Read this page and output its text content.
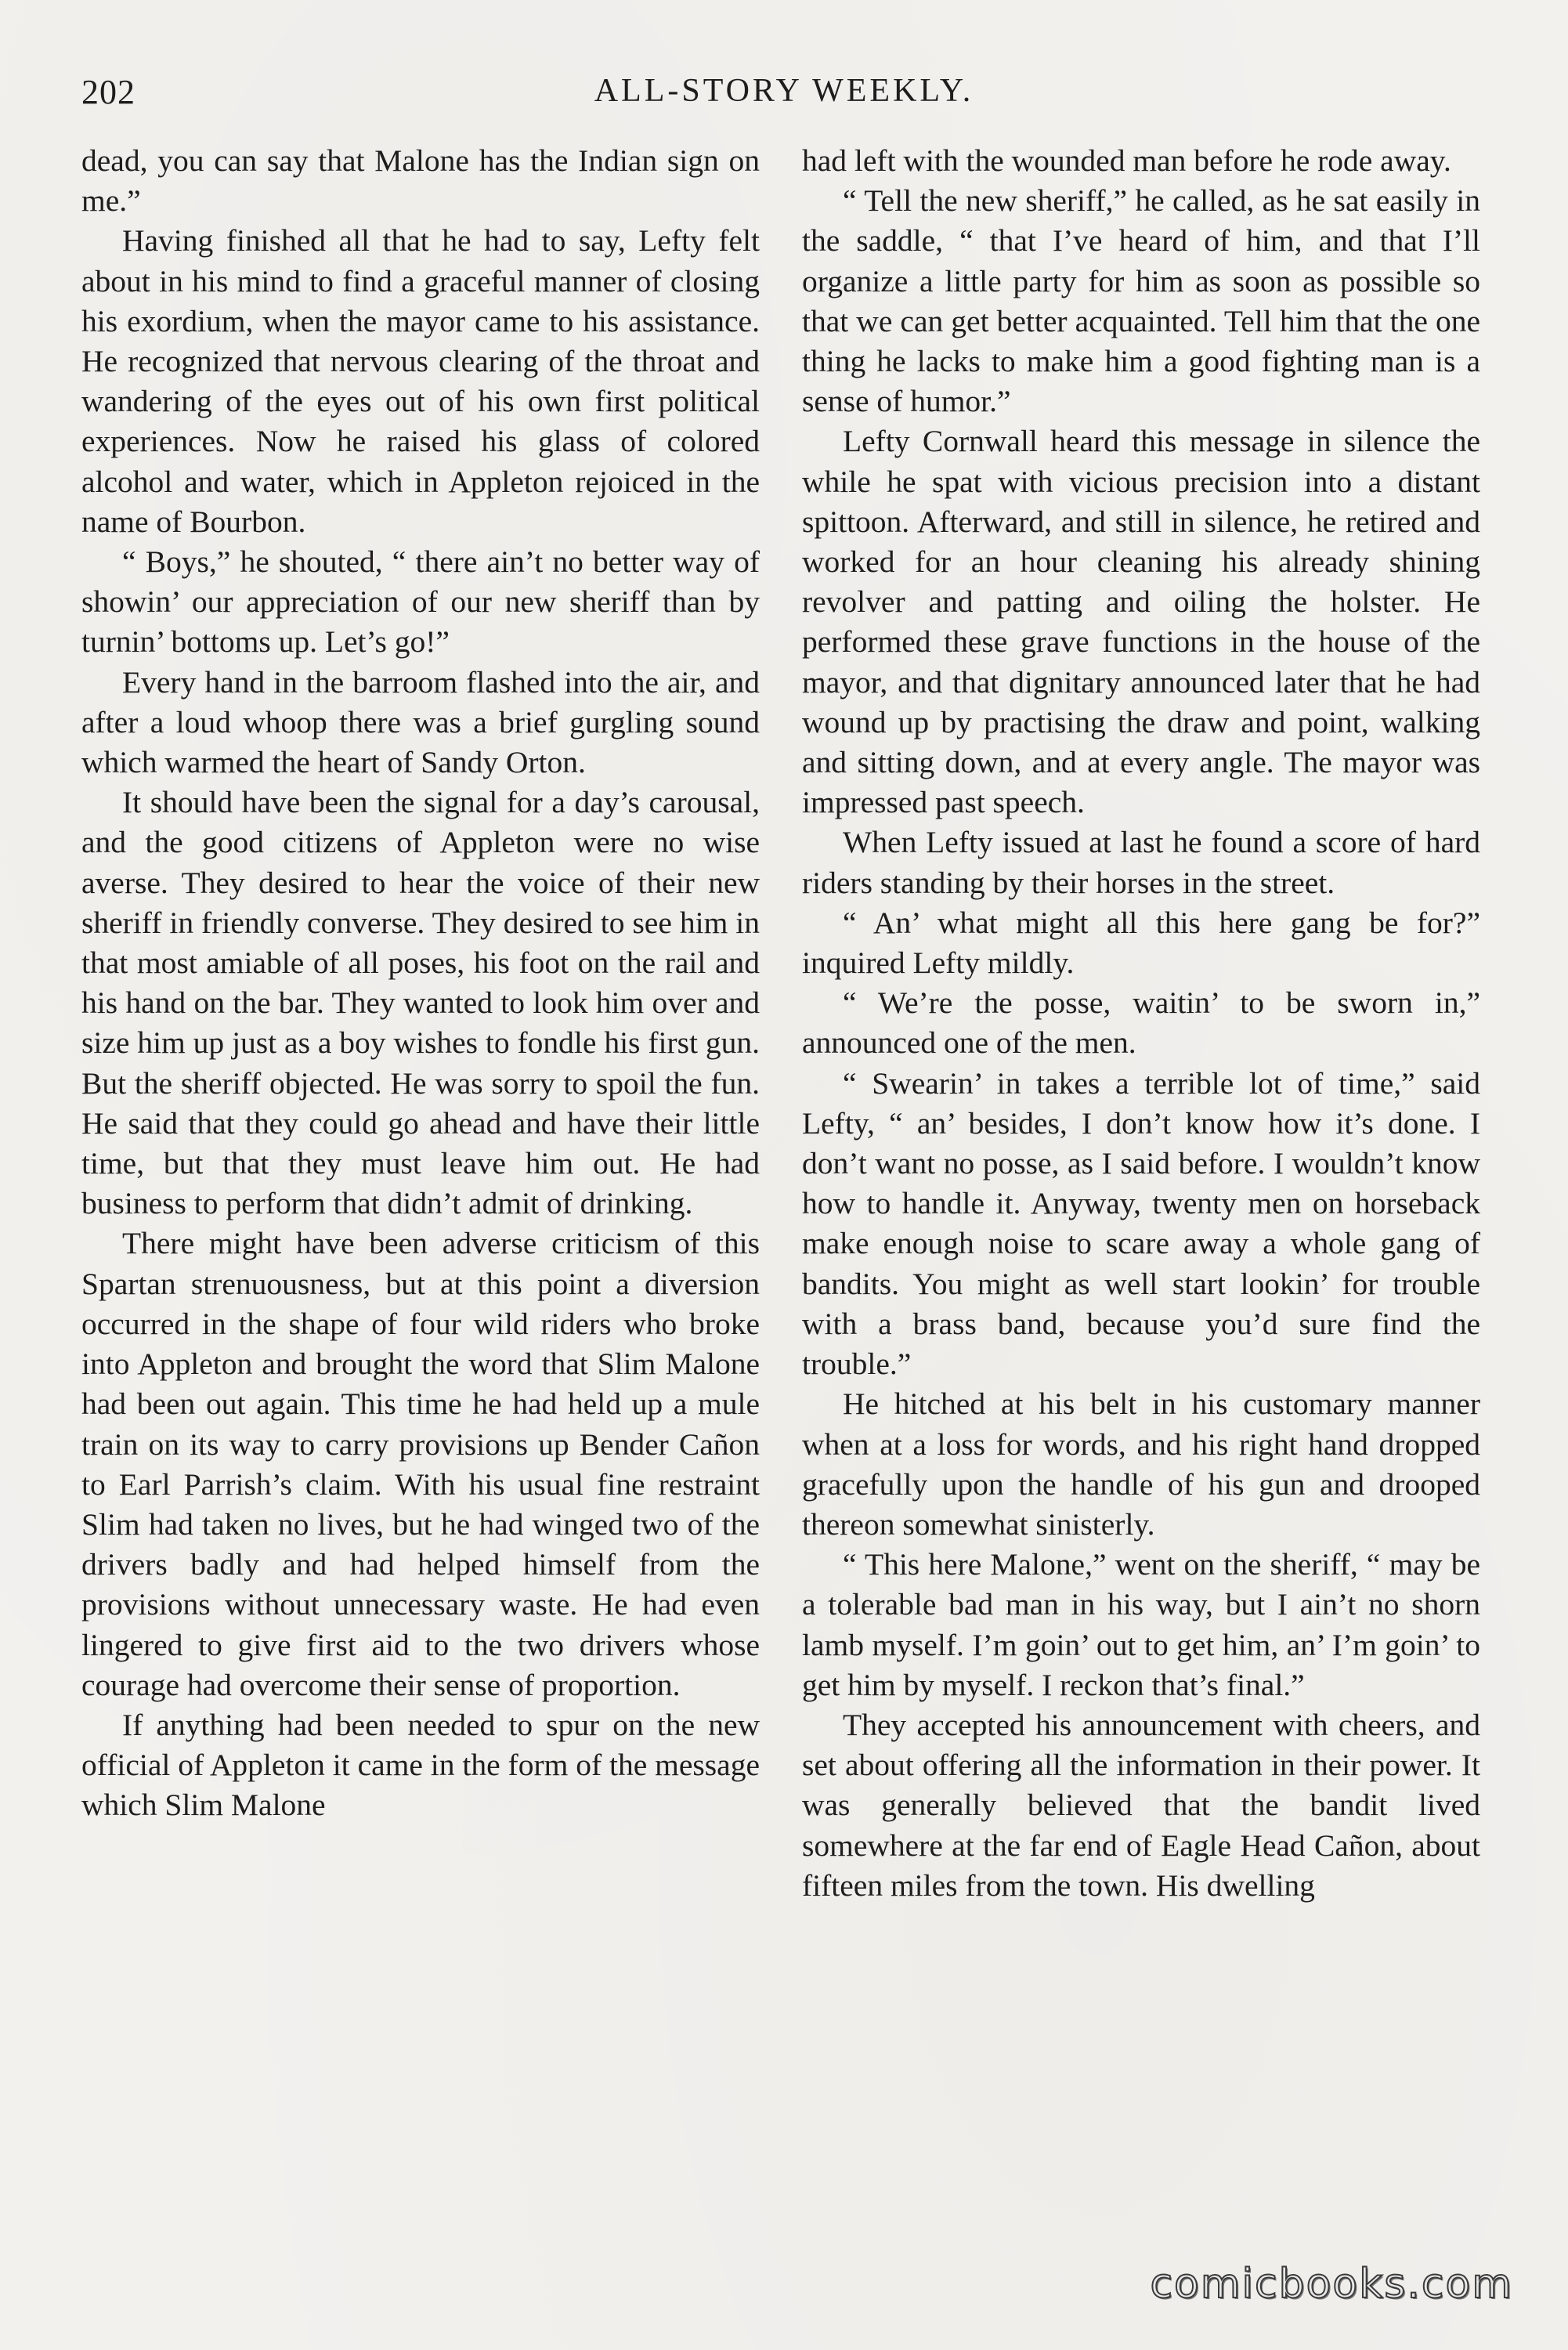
202	ALL-STORY WEEKLY.

dead, you can say that Malone has the Indian sign on me.”

Having finished all that he had to say, Lefty felt about in his mind to find a graceful manner of closing his exordium, when the mayor came to his assistance. He recognized that nervous clearing of the throat and wandering of the eyes out of his own first political experiences. Now he raised his glass of colored alcohol and water, which in Appleton rejoiced in the name of Bourbon.

“ Boys,” he shouted, “ there ain’t no better way of showin’ our appreciation of our new sheriff than by turnin’ bottoms up. Let’s go!”

Every hand in the barroom flashed into the air, and after a loud whoop there was a brief gurgling sound which warmed the heart of Sandy Orton.

It should have been the signal for a day’s carousal, and the good citizens of Appleton were no wise averse. They desired to hear the voice of their new sheriff in friendly converse. They desired to see him in that most amiable of all poses, his foot on the rail and his hand on the bar. They wanted to look him over and size him up just as a boy wishes to fondle his first gun. But the sheriff objected. He was sorry to spoil the fun. He said that they could go ahead and have their little time, but that they must leave him out. He had business to perform that didn’t admit of drinking.

There might have been adverse criticism of this Spartan strenuousness, but at this point a diversion occurred in the shape of four wild riders who broke into Appleton and brought the word that Slim Malone had been out again. This time he had held up a mule train on its way to carry provisions up Bender Cañon to Earl Parrish’s claim. With his usual fine restraint Slim had taken no lives, but he had winged two of the drivers badly and had helped himself from the provisions without unnecessary waste. He had even lingered to give first aid to the two drivers whose courage had overcome their sense of proportion.

If anything had been needed to spur on the new official of Appleton it came in the form of the message which Slim Malone

had left with the wounded man before he rode away.

“ Tell the new sheriff,” he called, as he sat easily in the saddle, “ that I’ve heard of him, and that I’ll organize a little party for him as soon as possible so that we can get better acquainted. Tell him that the one thing he lacks to make him a good fighting man is a sense of humor.”

Lefty Cornwall heard this message in silence the while he spat with vicious precision into a distant spittoon. Afterward, and still in silence, he retired and worked for an hour cleaning his already shining revolver and patting and oiling the holster. He performed these grave functions in the house of the mayor, and that dignitary announced later that he had wound up by practising the draw and point, walking and sitting down, and at every angle. The mayor was impressed past speech.

When Lefty issued at last he found a score of hard riders standing by their horses in the street.

“ An’ what might all this here gang be for?” inquired Lefty mildly.

“ We’re the posse, waitin’ to be sworn in,” announced one of the men.

“ Swearin’ in takes a terrible lot of time,” said Lefty, “ an’ besides, I don’t know how it’s done. I don’t want no posse, as I said before. I wouldn’t know how to handle it. Anyway, twenty men on horseback make enough noise to scare away a whole gang of bandits. You might as well start lookin’ for trouble with a brass band, because you’d sure find the trouble.”

He hitched at his belt in his customary manner when at a loss for words, and his right hand dropped gracefully upon the handle of his gun and drooped thereon somewhat sinisterly.

“ This here Malone,” went on the sheriff, “ may be a tolerable bad man in his way, but I ain’t no shorn lamb myself. I’m goin’ out to get him, an’ I’m goin’ to get him by myself. I reckon that’s final.”

They accepted his announcement with cheers, and set about offering all the information in their power. It was generally believed that the bandit lived somewhere at the far end of Eagle Head Cañon, about fifteen miles from the town. His dwelling

comicbooks.com
